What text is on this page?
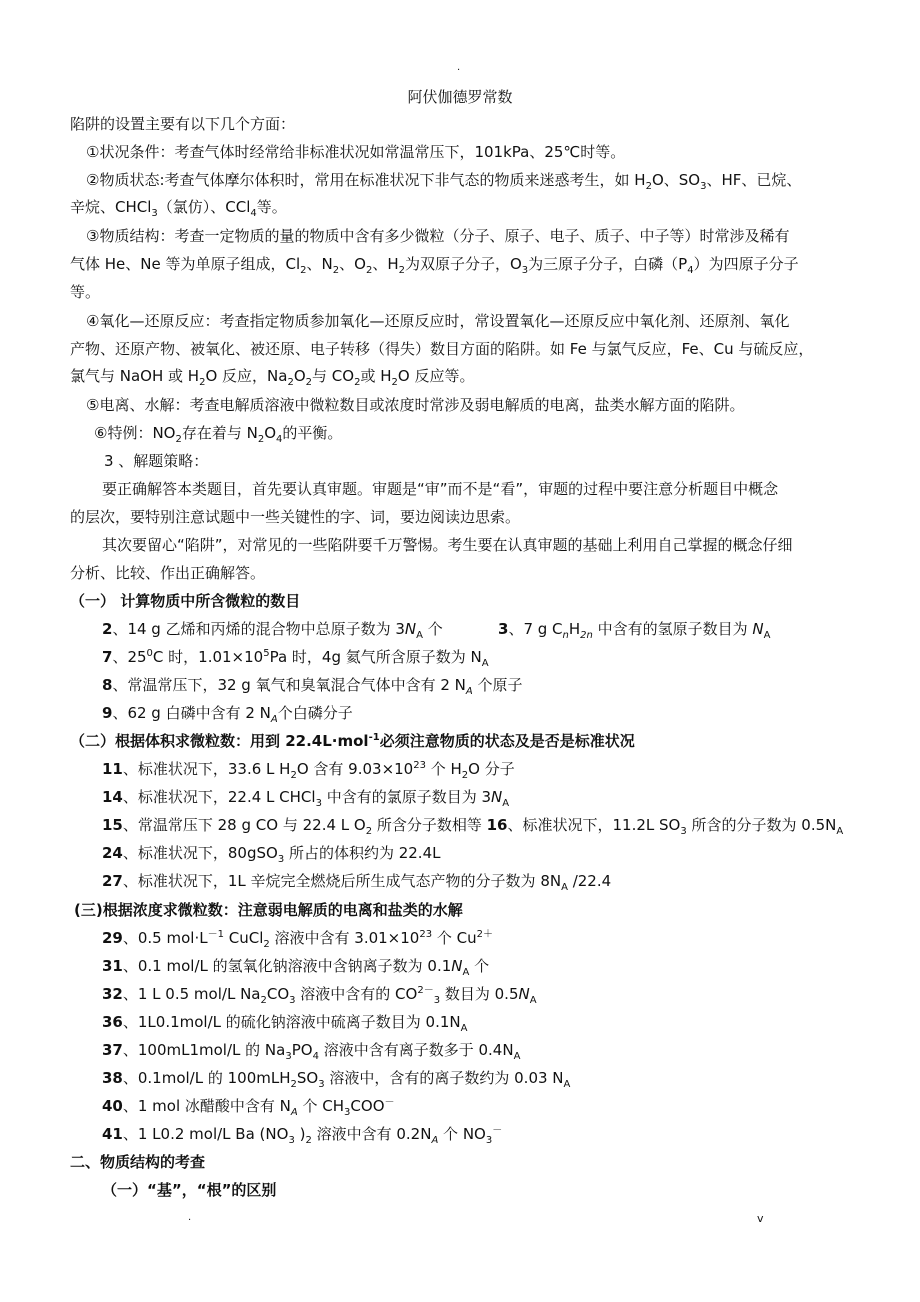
.
阿伏伽德罗常数
陷阱的设置主要有以下几个方面：
①状况条件：考查气体时经常给非标准状况如常温常压下，101kPa、25℃时等。
②物质状态:考查气体摩尔体积时，常用在标准状况下非气态的物质来迷惑考生，如 $H_2O$、$SO_3$、HF、已烷、
辛烷、CHCl$_3$（氯仿）、CCl$_4$等。
③物质结构：考查一定物质的量的物质中含有多少微粒（分子、原子、电子、质子、中子等）时常涉及稀有
气体 He、Ne 等为单原子组成，$Cl_2$、$N_2$、$O_2$、$H_2$为双原子分子，$O_3$为三原子分子，白磷$(P_4)$为四原子分子
等。
④氧化—还原反应：考查指定物质参加氧化—还原反应时，常设置氧化—还原反应中氧化剂、还原剂、氧化
产物、还原产物、被氧化、被还原、电子转移（得失）数目方面的陷阱。如 Fe 与氯气反应，Fe、Cu 与硫反应，
氯气与 NaOH 或 $H_2O$ 反应，$Na_2O_2$与 $CO_2$或 $H_2O$ 反应等。
⑤电离、水解：考查电解质溶液中微粒数目或浓度时常涉及弱电解质的电离，盐类水解方面的陷阱。
⑥特例：$NO_2$存在着与 $N_2O_4$的平衡。
3 、解题策略：
要正确解答本类题目，首先要认真审题。审题是“审”而不是“看”，审题的过程中要注意分析题目中概念
的层次，要特别注意试题中一些关键性的字、词，要边阅读边思索。
其次要留心“陷阱”，对常见的一些陷阱要千万警惕。考生要在认真审题的基础上利用自己掌握的概念仔细
分析、比较、作出正确解答。
（一） 计算物质中所含微粒的数目
2、14 g 乙烯和丙烯的混合物中总原子数为 $3N_A$ 个	3、7 g $C_nH_{2n}$ 中含有的氢原子数目为 $N_A$
7、$25^0C$ 时，$1.01\times 10^5Pa$ 时，4g 氦气所含原子数为 $N_A$
8、常温常压下，32 g 氧气和臭氧混合气体中含有 2 $N_A$ 个原子
9、62 g 白磷中含有 2 $N_A$个白磷分子
（二）根据体积求微粒数：用到 22.4L·mol$^{-1}$必须注意物质的状态及是否是标准状况
11、标准状况下，33.6 L $H_2O$ 含有 $9.03\times 10^{23}$ 个 $H_2O$ 分子
14、标准状况下，22.4 L CHCl$_3$ 中含有的氯原子数目为 $3N_A$
15、常温常压下 28 g CO 与 22.4 L $O_2$ 所含分子数相等 16、标准状况下，11.2L $SO_3$ 所含的分子数为 $0.5N_A$
24、标准状况下，80gSO$_3$ 所占的体积约为 22.4L
27、标准状况下，1L 辛烷完全燃烧后所生成气态产物的分子数为 $8N_A$ /22.4
(三)根据浓度求微粒数：注意弱电解质的电离和盐类的水解
29、0.5 $mol\cdot L^{-1}$ CuCl$_2$ 溶液中含有 $3.01\times 10^{23}$ 个 $Cu^{2+}$
31、0.1 mol/L 的氢氧化钠溶液中含钠离子数为 $0.1N_A$ 个
32、1 L 0.5 mol/L $Na_2CO_3$ 溶液中含有的 $CO^{2-}_3$ 数目为 $0.5N_A$
36、1L0.1mol/L 的硫化钠溶液中硫离子数目为 $0.1N_A$
37、100mL1mol/L 的 $Na_3PO_4$ 溶液中含有离子数多于 $0.4N_A$
38、0.1mol/L 的 $100mLH_2SO_3$ 溶液中，含有的离子数约为 0.03 $N_A$
40、1 mol 冰醋酸中含有 $N_A$ 个 $CH_3COO^-$
41、1 L0.2 mol/L Ba ($NO_3$ )$_2$ 溶液中含有 $0.2N_A$ 个 $NO_3^-$
二、物质结构的考查
（一）“基”，“根”的区别
.	v
